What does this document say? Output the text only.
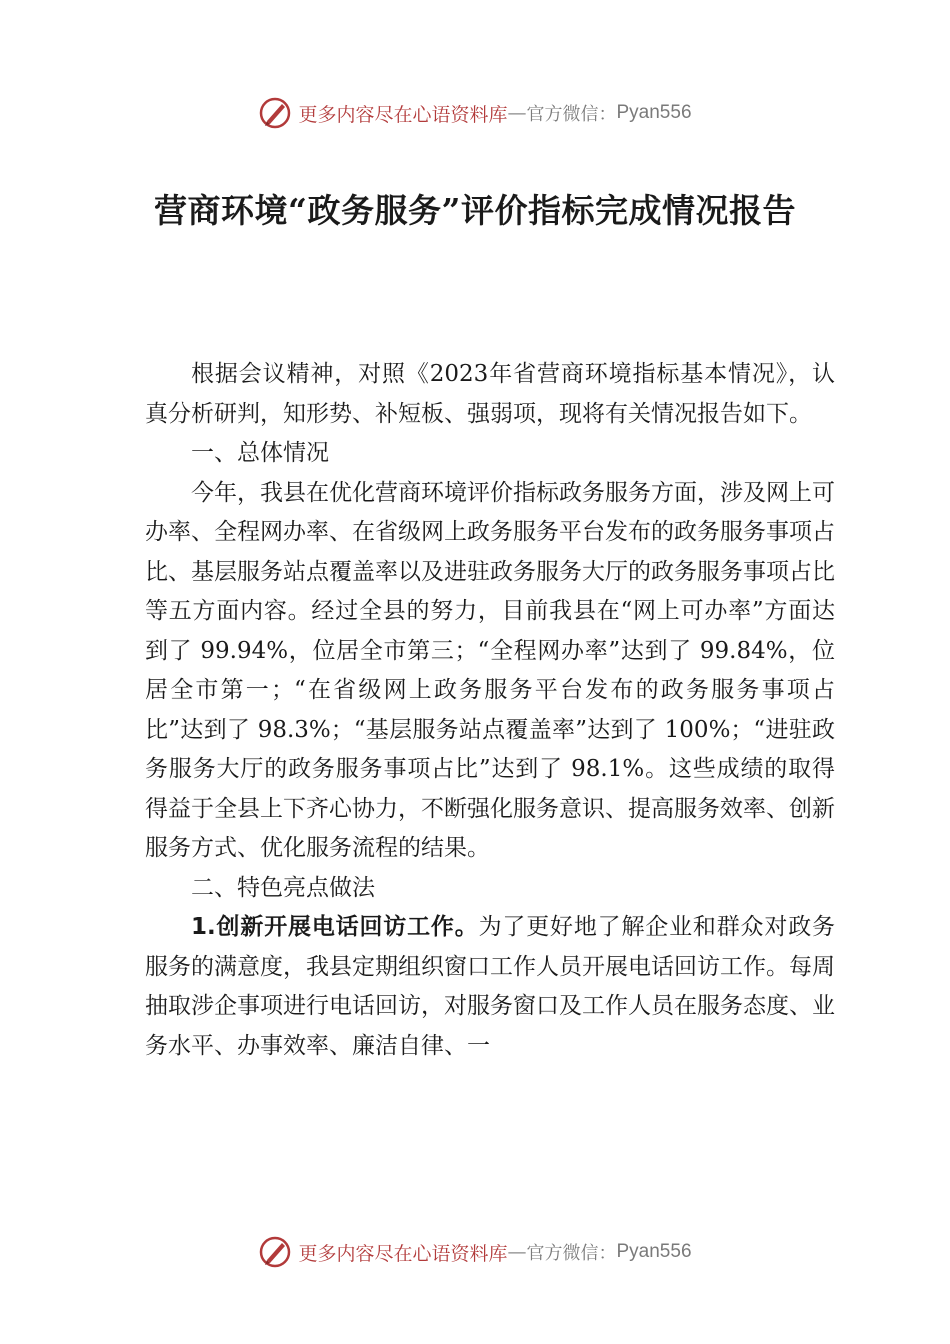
更多内容尽在心语资料库 — 官方微信： Pyan556
营商环境“政务服务”评价指标完成情况报告

根据会议精神，对照《2023年省营商环境指标基本情况》，认真分析研判，知形势、补短板、强弱项，现将有关情况报告如下。

一、总体情况

今年，我县在优化营商环境评价指标政务服务方面，涉及网上可办率、全程网办率、在省级网上政务服务平台发布的政务服务事项占比、基层服务站点覆盖率以及进驻政务服务大厅的政务服务事项占比等五方面内容。经过全县的努力，目前我县在“网上可办率”方面达到了 99.94%，位居全市第三；“全程网办率”达到了 99.84%，位居全市第一；“在省级网上政务服务平台发布的政务服务事项占比”达到了 98.3%；“基层服务站点覆盖率”达到了 100%；“进驻政务服务大厅的政务服务事项占比”达到了 98.1%。这些成绩的取得得益于全县上下齐心协力，不断强化服务意识、提高服务效率、创新服务方式、优化服务流程的结果。

二、特色亮点做法

1.创新开展电话回访工作。为了更好地了解企业和群众对政务服务的满意度，我县定期组织窗口工作人员开展电话回访工作。每周抽取涉企事项进行电话回访，对服务窗口及工作人员在服务态度、业务水平、办事效率、廉洁自律、一

更多内容尽在心语资料库 — 官方微信： Pyan556
